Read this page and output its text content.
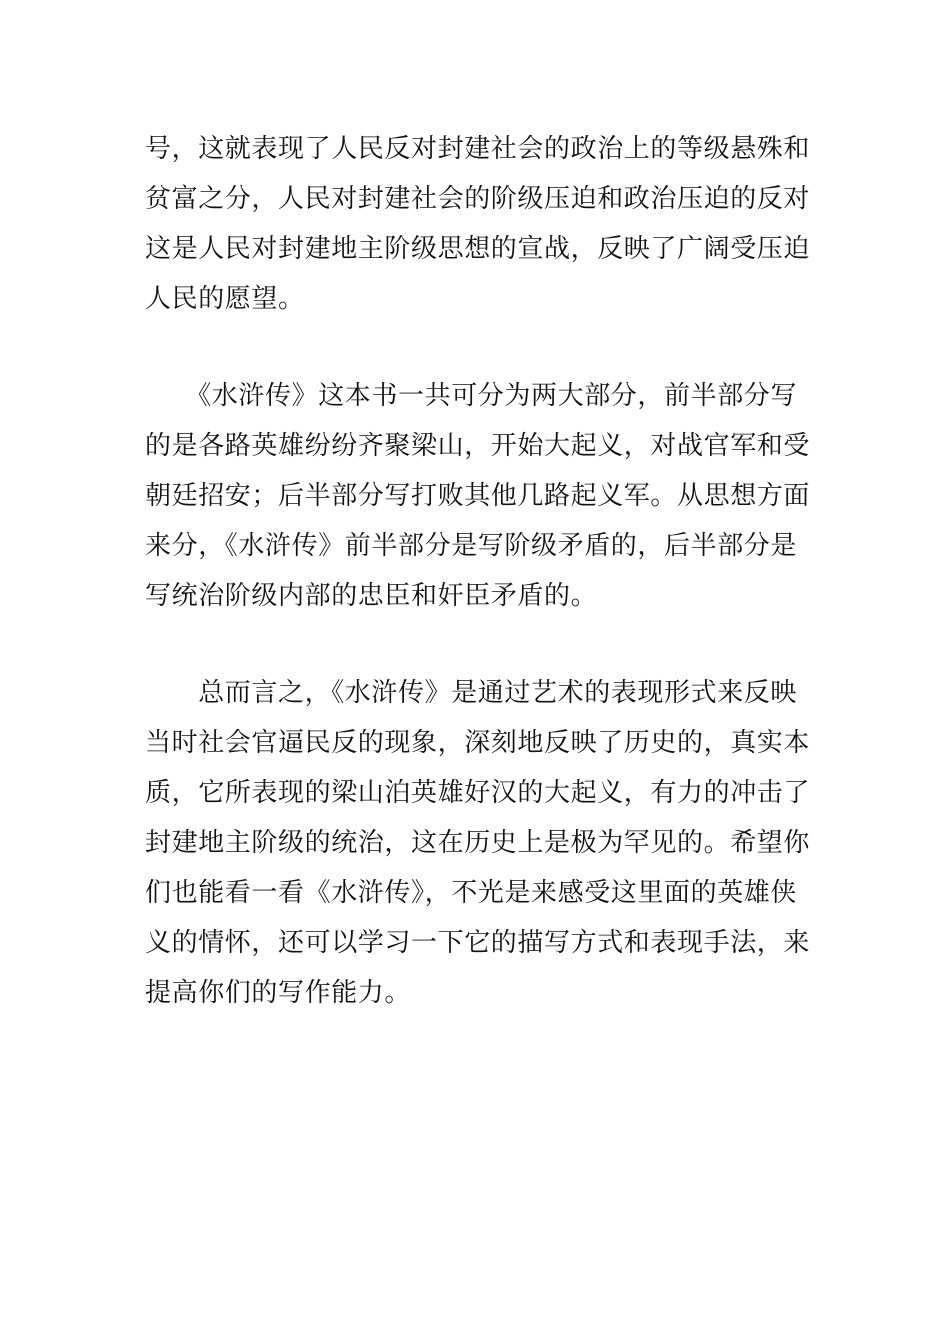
号，这就表现了人民反对封建社会的政治上的等级悬殊和
贫富之分，人民对封建社会的阶级压迫和政治压迫的反对
这是人民对封建地主阶级思想的宣战，反映了广阔受压迫
人民的愿望。
　　《水浒传》这本书一共可分为两大部分，前半部分写
的是各路英雄纷纷齐聚梁山，开始大起义，对战官军和受
朝廷招安；后半部分写打败其他几路起义军。从思想方面
来分，《水浒传》前半部分是写阶级矛盾的，后半部分是
写统治阶级内部的忠臣和奸臣矛盾的。
　　总而言之，《水浒传》是通过艺术的表现形式来反映
当时社会官逼民反的现象，深刻地反映了历史的，真实本
质，它所表现的梁山泊英雄好汉的大起义，有力的冲击了
封建地主阶级的统治，这在历史上是极为罕见的。希望你
们也能看一看《水浒传》，不光是来感受这里面的英雄侠
义的情怀，还可以学习一下它的描写方式和表现手法，来
提高你们的写作能力。
